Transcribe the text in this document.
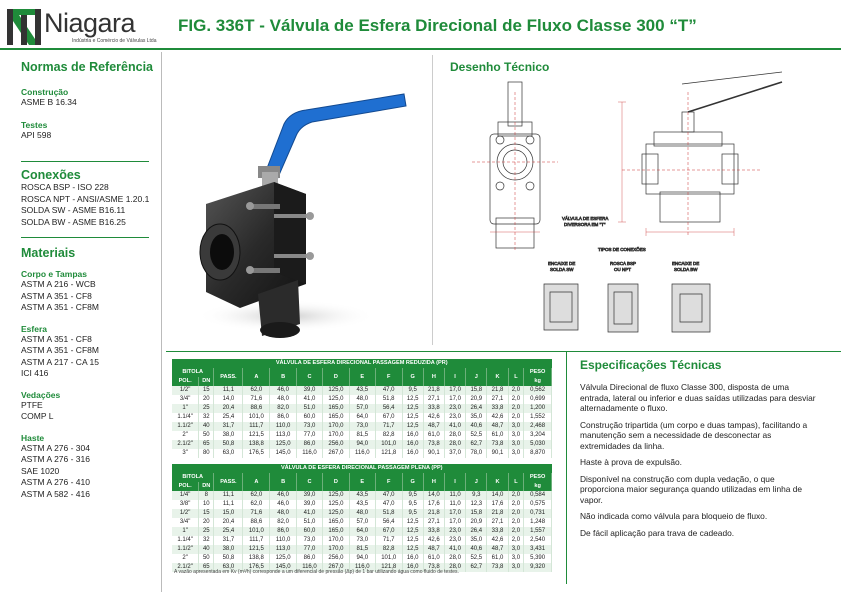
Niagara
Indústria e Comércio de Válvulas Ltda
FIG. 336T - Válvula de Esfera Direcional de Fluxo Classe 300 “T”
Normas de Referência
Construção
ASME B 16.34
Testes
API 598
Conexões
ROSCA BSP - ISO 228
ROSCA NPT - ANSI/ASME 1.20.1
SOLDA SW - ASME B16.11
SOLDA BW - ASME B16.25
Materiais
Corpo e Tampas
ASTM A 216 - WCB
ASTM A 351 - CF8
ASTM A 351 - CF8M
Esfera
ASTM A 351 - CF8
ASTM A 351 - CF8M
ASTM A 217 - CA 15
ICI 416
Vedações
PTFE
COMP L
Haste
ASTM A 276 - 304
ASTM A 276 - 316
SAE 1020
ASTM A 276 - 410
ASTM A 582 - 416
Desenho Técnico
VÁLVULA DE ESFERA
DIVERSORA EM "T"
TIPOS DE CONEXÕES
ENCAIXE DE
SOLDA SW
ROSCA BSP
OU NPT
ENCAIXE DE
SOLDA BW
VÁLVULA DE ESFERA DIRECIONAL PASSAGEM REDUZIDA (PR)															
BITOLA		PASS.	A	B	C	D	E	F	G	H	I	J	K	L	PESO
POL.	DN														kg
1/2"	15	11,1	62,0	46,0	39,0	125,0	43,5	47,0	9,5	21,8	17,0	15,8	21,8	2,0	0,562
3/4"	20	14,0	71,6	48,0	41,0	125,0	48,0	51,8	12,5	27,1	17,0	20,9	27,1	2,0	0,699
1"	25	20,4	88,6	82,0	51,0	165,0	57,0	56,4	12,5	33,8	23,0	26,4	33,8	2,0	1,200
1.1/4"	32	25,4	101,0	86,0	60,0	165,0	64,0	67,0	12,5	42,6	23,0	35,0	42,6	2,0	1,552
1.1/2"	40	31,7	111,7	110,0	73,0	170,0	73,0	71,7	12,5	48,7	41,0	40,6	48,7	3,0	2,468
2"	50	38,0	121,5	113,0	77,0	170,0	81,5	82,8	16,0	61,0	28,0	52,5	61,0	3,0	3,204
2.1/2"	65	50,8	138,8	125,0	86,0	256,0	94,0	101,0	16,0	73,8	28,0	62,7	73,8	3,0	5,030
3"	80	63,0	176,5	145,0	116,0	267,0	116,0	121,8	16,0	90,1	37,0	78,0	90,1	3,0	8,870
VÁLVULA DE ESFERA DIRECIONAL PASSAGEM PLENA (PP)															
BITOLA		PASS.	A	B	C	D	E	F	G	H	I	J	K	L	PESO
POL.	DN														kg
1/4"	8	11,1	62,0	46,0	39,0	125,0	43,5	47,0	9,5	14,0	11,0	9,3	14,0	2,0	0,584
3/8"	10	11,1	62,0	46,0	39,0	125,0	43,5	47,0	9,5	17,6	11,0	12,3	17,6	2,0	0,575
1/2"	15	15,0	71,6	48,0	41,0	125,0	48,0	51,8	9,5	21,8	17,0	15,8	21,8	2,0	0,731
3/4"	20	20,4	88,6	82,0	51,0	165,0	57,0	56,4	12,5	27,1	17,0	20,9	27,1	2,0	1,248
1"	25	25,4	101,0	86,0	60,0	165,0	64,0	67,0	12,5	33,8	23,0	26,4	33,8	2,0	1,557
1.1/4"	32	31,7	111,7	110,0	73,0	170,0	73,0	71,7	12,5	42,6	23,0	35,0	42,6	2,0	2,540
1.1/2"	40	38,0	121,5	113,0	77,0	170,0	81,5	82,8	12,5	48,7	41,0	40,6	48,7	3,0	3,431
2"	50	50,8	138,8	125,0	86,0	256,0	94,0	101,0	16,0	61,0	28,0	52,5	61,0	3,0	5,390
2.1/2"	65	63,0	176,5	145,0	116,0	267,0	116,0	121,8	16,0	73,8	28,0	62,7	73,8	3,0	9,320
A vazão apresentada em Kv (m³/h) corresponde a um diferencial de pressão (Δp) de 1 bar utilizando água como fluido de testes.
Especificações Técnicas

Válvula Direcional de fluxo Classe 300, disposta de uma entrada, lateral ou inferior e duas saídas utilizadas para desviar alternadamente o fluxo.

Construção tripartida (um corpo e duas tampas), facilitando a manutenção sem a necessidade de desconectar as extremidades da linha.

Haste à prova de expulsão.

Disponível na construção com dupla vedação, o que proporciona maior segurança quando utilizadas em linha de vapor.

Não indicada como válvula para bloqueio de fluxo.

De fácil aplicação para trava de cadeado.
